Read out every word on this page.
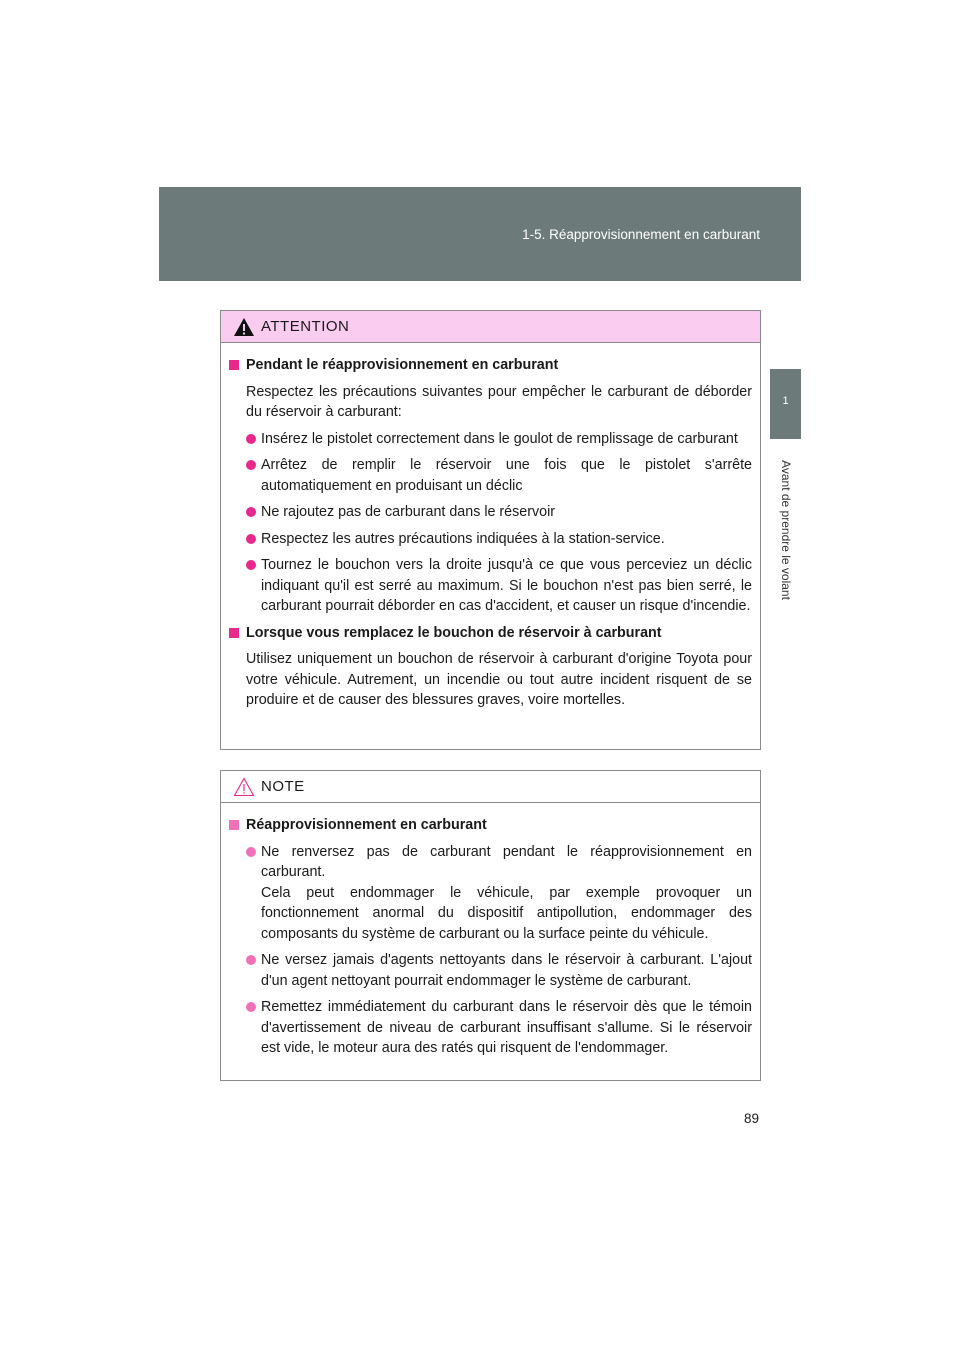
1-5. Réapprovisionnement en carburant
1
Avant de prendre le volant
ATTENTION
Pendant le réapprovisionnement en carburant
Respectez les précautions suivantes pour empêcher le carburant de déborder du réservoir à carburant:
Insérez le pistolet correctement dans le goulot de remplissage de carburant
Arrêtez de remplir le réservoir une fois que le pistolet s'arrête automatiquement en produisant un déclic
Ne rajoutez pas de carburant dans le réservoir
Respectez les autres précautions indiquées à la station-service.
Tournez le bouchon vers la droite jusqu'à ce que vous perceviez un déclic indiquant qu'il est serré au maximum. Si le bouchon n'est pas bien serré, le carburant pourrait déborder en cas d'accident, et causer un risque d'incendie.
Lorsque vous remplacez le bouchon de réservoir à carburant
Utilisez uniquement un bouchon de réservoir à carburant d'origine Toyota pour votre véhicule. Autrement, un incendie ou tout autre incident risquent de se produire et de causer des blessures graves, voire mortelles.
NOTE
Réapprovisionnement en carburant
Ne renversez pas de carburant pendant le réapprovisionnement en carburant.
Cela peut endommager le véhicule, par exemple provoquer un fonctionnement anormal du dispositif antipollution, endommager des composants du système de carburant ou la surface peinte du véhicule.
Ne versez jamais d'agents nettoyants dans le réservoir à carburant. L'ajout d'un agent nettoyant pourrait endommager le système de carburant.
Remettez immédiatement du carburant dans le réservoir dès que le témoin d'avertissement de niveau de carburant insuffisant s'allume. Si le réservoir est vide, le moteur aura des ratés qui risquent de l'endommager.
89
